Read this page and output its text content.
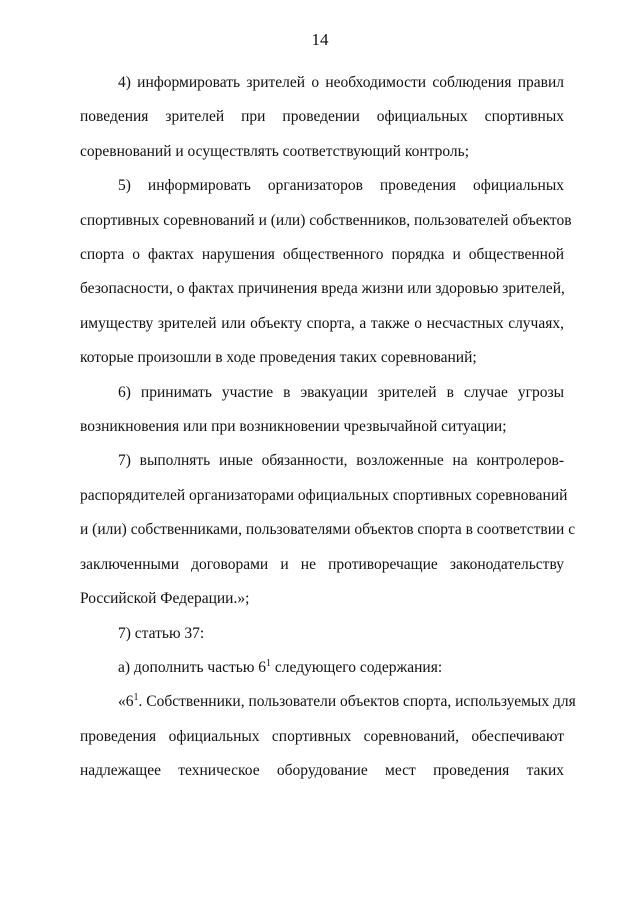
14
4) информировать зрителей о необходимости соблюдения правил
поведения зрителей при проведении официальных спортивных
соревнований и осуществлять соответствующий контроль;
5) информировать организаторов проведения официальных
спортивных соревнований и (или) собственников, пользователей объектов
спорта о фактах нарушения общественного порядка и общественной
безопасности, о фактах причинения вреда жизни или здоровью зрителей,
имуществу зрителей или объекту спорта, а также о несчастных случаях,
которые произошли в ходе проведения таких соревнований;
6) принимать участие в эвакуации зрителей в случае угрозы
возникновения или при возникновении чрезвычайной ситуации;
7) выполнять иные обязанности, возложенные на контролеров-
распорядителей организаторами официальных спортивных соревнований
и (или) собственниками, пользователями объектов спорта в соответствии с
заключенными договорами и не противоречащие законодательству
Российской Федерации.»;
7) статью 37:
а) дополнить частью $6^1$ следующего содержания:
«$6^1$. Собственники, пользователи объектов спорта, используемых для
проведения официальных спортивных соревнований, обеспечивают
надлежащее техническое оборудование мест проведения таких
